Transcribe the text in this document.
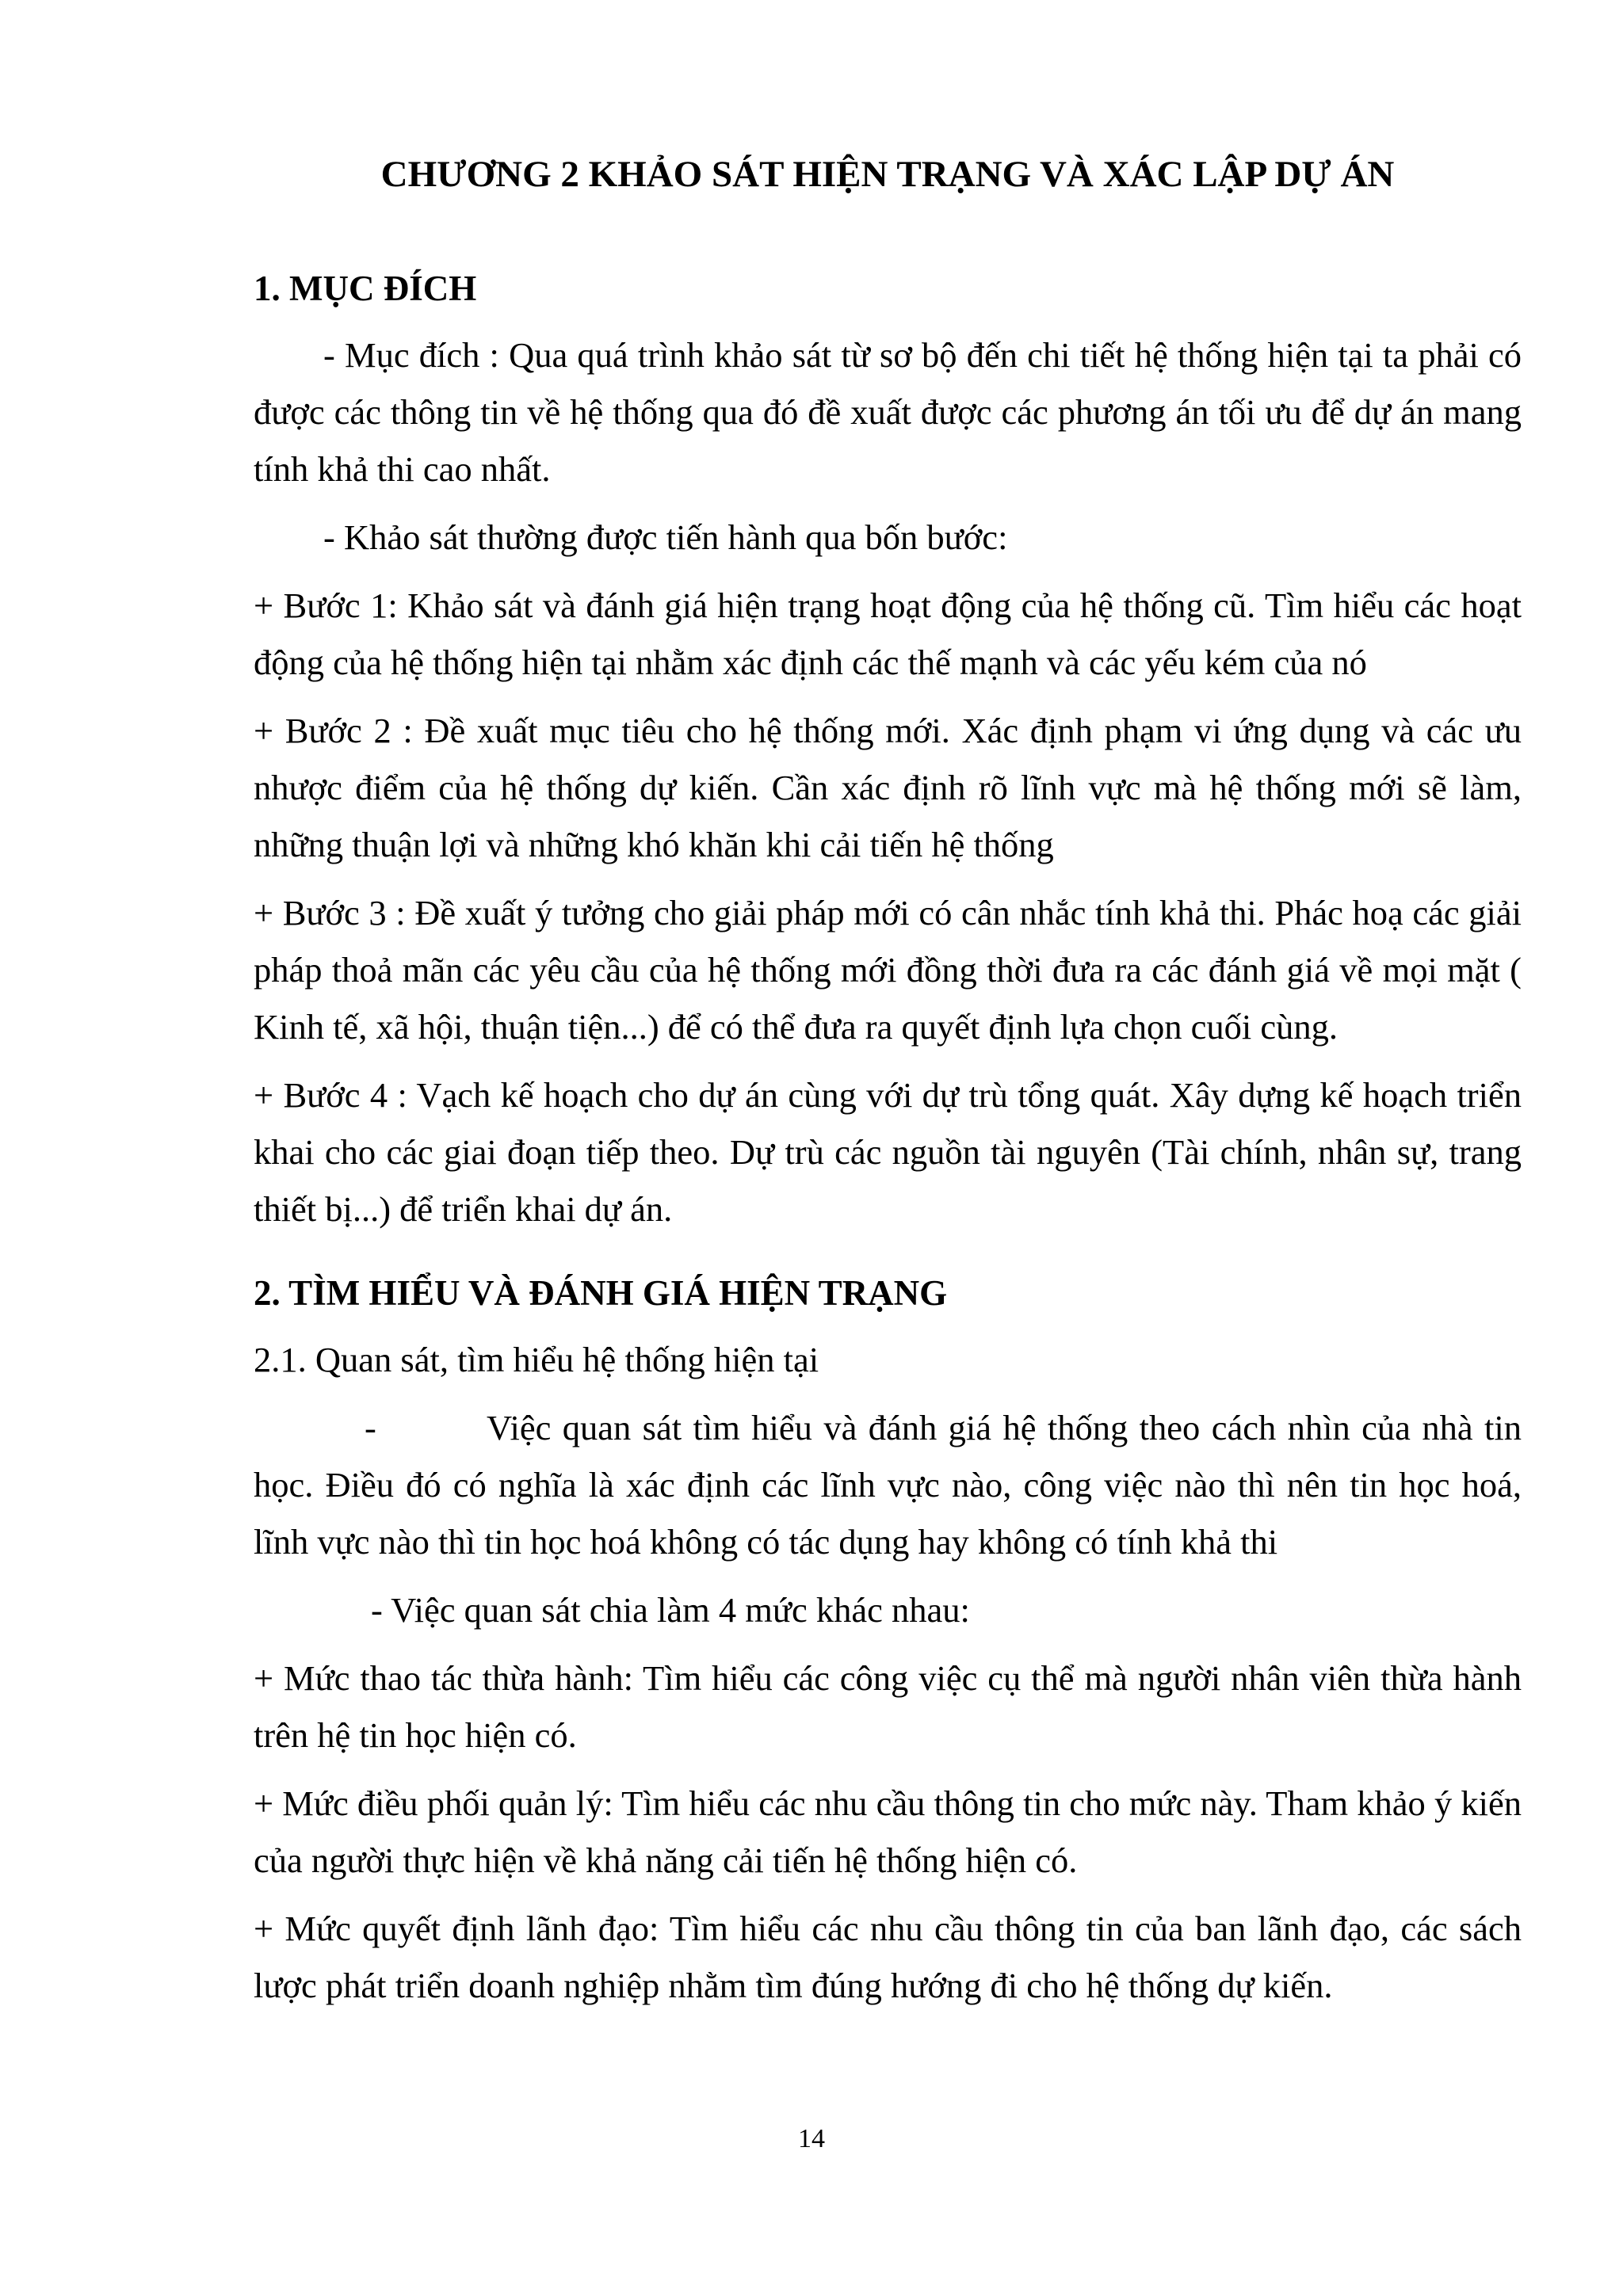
CHƯƠNG 2 KHẢO SÁT HIỆN TRẠNG VÀ XÁC LẬP DỰ ÁN
1. MỤC ĐÍCH

- Mục đích : Qua quá trình khảo sát từ sơ bộ đến chi tiết hệ thống hiện tại ta phải có được các thông tin về hệ thống qua đó đề xuất được các phương án tối ưu để dự án mang tính khả thi cao nhất.

- Khảo sát thường được tiến hành qua bốn bước:

+ Bước 1: Khảo sát và đánh giá hiện trạng hoạt động của hệ thống cũ. Tìm hiểu các hoạt động của hệ thống hiện tại nhằm xác định các thế mạnh và các yếu kém của nó

+ Bước 2 : Đề xuất mục tiêu cho hệ thống mới. Xác định phạm vi ứng dụng và các ưu nhược điểm của hệ thống dự kiến. Cần xác định rõ lĩnh vực mà hệ thống mới sẽ làm, những thuận lợi và những khó khăn khi cải tiến hệ thống

+ Bước 3 : Đề xuất ý tưởng cho giải pháp mới có cân nhắc tính khả thi. Phác hoạ các giải pháp thoả mãn các yêu cầu của hệ thống mới đồng thời đưa ra các đánh giá về mọi mặt ( Kinh tế, xã hội, thuận tiện...) để có thể đưa ra quyết định lựa chọn cuối cùng.

+ Bước 4 : Vạch kế hoạch cho dự án cùng với dự trù tổng quát. Xây dựng kế hoạch triển khai cho các giai đoạn tiếp theo. Dự trù các nguồn tài nguyên (Tài chính, nhân sự, trang thiết bị...) để triển khai dự án.

2. TÌM HIỂU VÀ ĐÁNH GIÁ HIỆN TRẠNG
2.1. Quan sát, tìm hiểu hệ thống hiện tại

-	Việc quan sát tìm hiểu và đánh giá hệ thống theo cách nhìn của nhà tin học. Điều đó có nghĩa là xác định các lĩnh vực nào, công việc nào thì nên tin học hoá, lĩnh vực nào thì tin học hoá không có tác dụng hay không có tính khả thi

- Việc quan sát chia làm 4 mức khác nhau:

+ Mức thao tác thừa hành: Tìm hiểu các công việc cụ thể mà người nhân viên thừa hành trên hệ tin học hiện có.

+ Mức điều phối quản lý: Tìm hiểu các nhu cầu thông tin cho mức này. Tham khảo ý kiến của người thực hiện về khả năng cải tiến hệ thống hiện có.

+ Mức quyết định lãnh đạo: Tìm hiểu các nhu cầu thông tin của ban lãnh đạo, các sách lược phát triển doanh nghiệp nhằm tìm đúng hướng đi cho hệ thống dự kiến.

14
